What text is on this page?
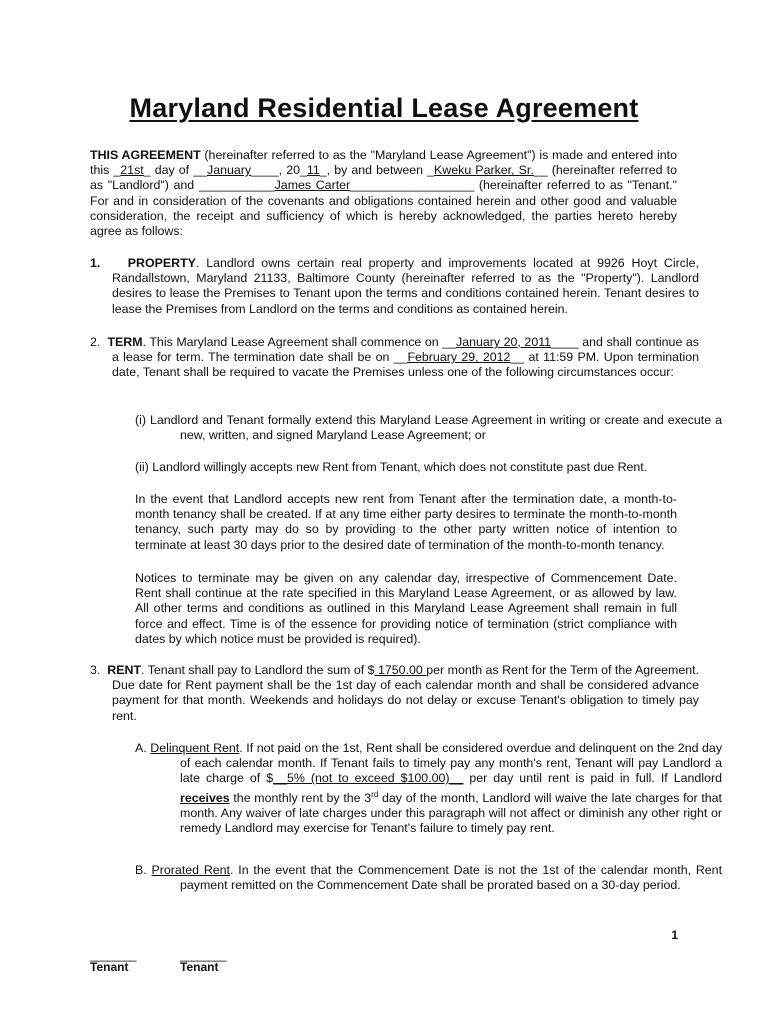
Maryland Residential Lease Agreement
THIS AGREEMENT (hereinafter referred to as the "Maryland Lease Agreement") is made and entered into this _21st_ day of __January____, 20_11_, by and between _Kweku Parker, Sr.__ (hereinafter referred to as "Landlord") and ___________James Carter__________________ (hereinafter referred to as "Tenant." For and in consideration of the covenants and obligations contained herein and other good and valuable consideration, the receipt and sufficiency of which is hereby acknowledged, the parties hereto hereby agree as follows:
1. PROPERTY. Landlord owns certain real property and improvements located at 9926 Hoyt Circle, Randallstown, Maryland 21133, Baltimore County (hereinafter referred to as the "Property"). Landlord desires to lease the Premises to Tenant upon the terms and conditions contained herein. Tenant desires to lease the Premises from Landlord on the terms and conditions as contained herein.
2. TERM. This Maryland Lease Agreement shall commence on __January 20, 2011____ and shall continue as a lease for term. The termination date shall be on __February 29, 2012__ at 11:59 PM. Upon termination date, Tenant shall be required to vacate the Premises unless one of the following circumstances occur:
(i) Landlord and Tenant formally extend this Maryland Lease Agreement in writing or create and execute a new, written, and signed Maryland Lease Agreement; or
(ii) Landlord willingly accepts new Rent from Tenant, which does not constitute past due Rent.
In the event that Landlord accepts new rent from Tenant after the termination date, a month-to-month tenancy shall be created. If at any time either party desires to terminate the month-to-month tenancy, such party may do so by providing to the other party written notice of intention to terminate at least 30 days prior to the desired date of termination of the month-to-month tenancy.
Notices to terminate may be given on any calendar day, irrespective of Commencement Date. Rent shall continue at the rate specified in this Maryland Lease Agreement, or as allowed by law. All other terms and conditions as outlined in this Maryland Lease Agreement shall remain in full force and effect. Time is of the essence for providing notice of termination (strict compliance with dates by which notice must be provided is required).
3. RENT. Tenant shall pay to Landlord the sum of $ 1750.00 per month as Rent for the Term of the Agreement. Due date for Rent payment shall be the 1st day of each calendar month and shall be considered advance payment for that month. Weekends and holidays do not delay or excuse Tenant's obligation to timely pay rent.
A. Delinquent Rent. If not paid on the 1st, Rent shall be considered overdue and delinquent on the 2nd day of each calendar month. If Tenant fails to timely pay any month's rent, Tenant will pay Landlord a late charge of $__5% (not to exceed $100.00)__ per day until rent is paid in full. If Landlord receives the monthly rent by the 3rd day of the month, Landlord will waive the late charges for that month. Any waiver of late charges under this paragraph will not affect or diminish any other right or remedy Landlord may exercise for Tenant's failure to timely pay rent.
B. Prorated Rent. In the event that the Commencement Date is not the 1st of the calendar month, Rent payment remitted on the Commencement Date shall be prorated based on a 30-day period.
1
________
Tenant
________
Tenant
